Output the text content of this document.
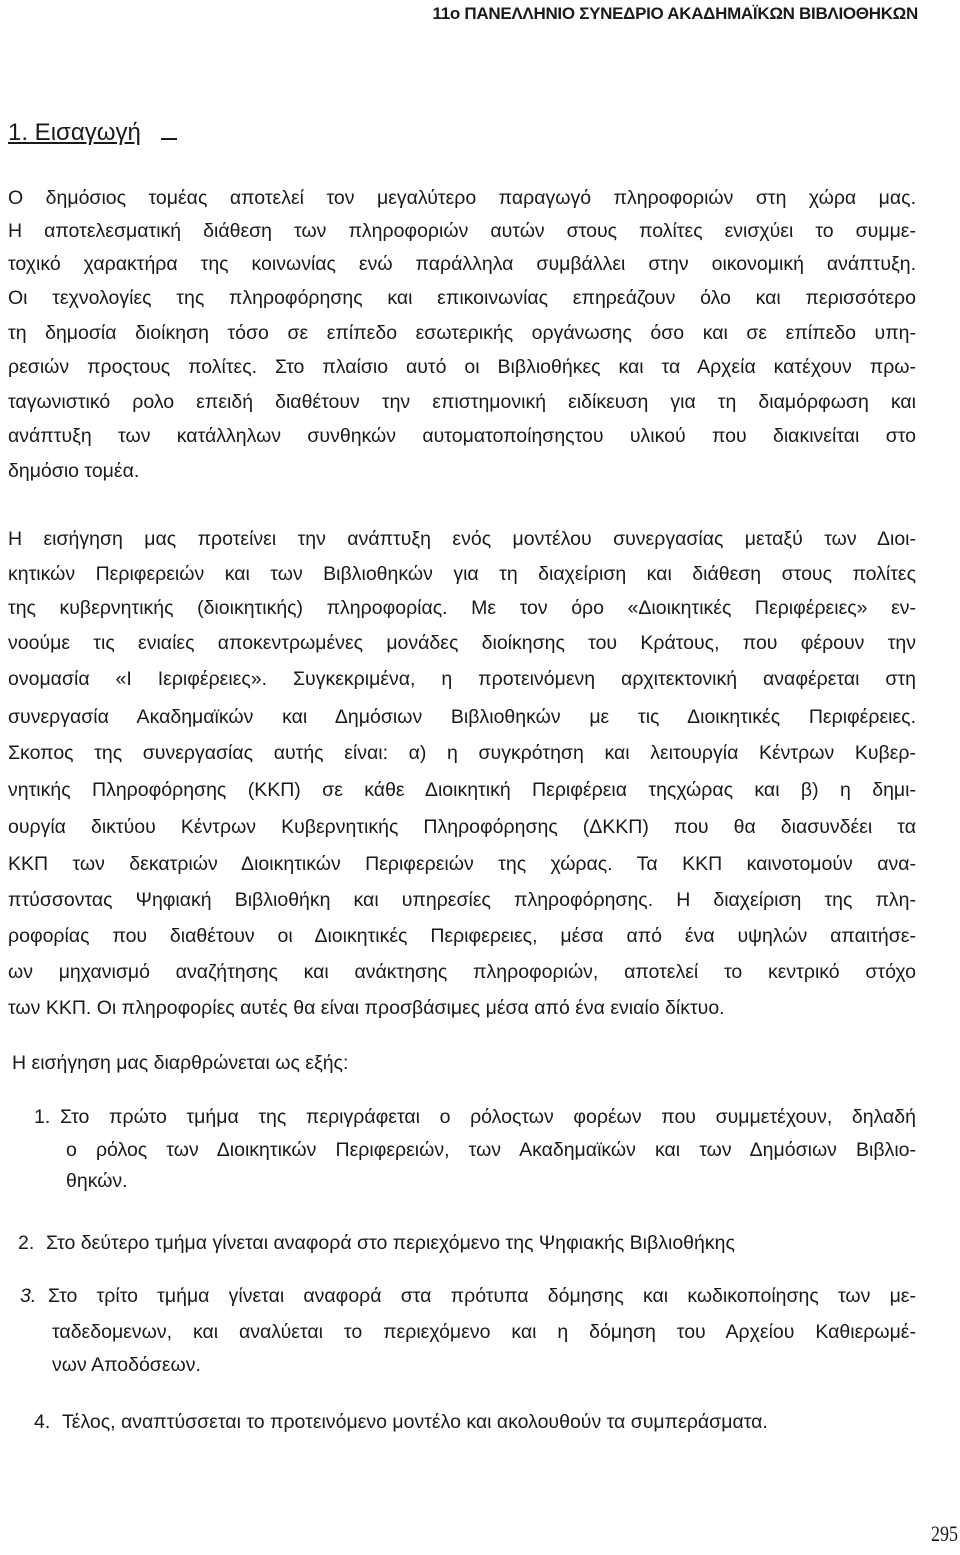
11ο ΠΑΝΕΛΛΗΝΙΟ ΣΥΝΕΔΡΙΟ ΑΚΑΔΗΜΑΪΚΩΝ ΒΙΒΛΙΟΘΗΚΩΝ
1. Εισαγωγή
Ο δημόσιος τομέας αποτελεί τον μεγαλύτερο παραγωγό πληροφοριών στη χώρα μας.
Η αποτελεσματική διάθεση των πληροφοριών αυτών στους πολίτες ενισχύει το συμμε-
τοχικό χαρακτήρα της κοινωνίας ενώ παράλληλα συμβάλλει στην οικονομική ανάπτυξη.
Οι τεχνολογίες της πληροφόρησης και επικοινωνίας επηρεάζουν όλο και περισσότερο
τη δημοσία διοίκηση τόσο σε επίπεδο εσωτερικής οργάνωσης όσο και σε επίπεδο υπη-
ρεσιών προςτους πολίτες. Στο πλαίσιο αυτό οι Βιβλιοθήκες και τα Αρχεία κατέχουν πρω-
ταγωνιστικό ρολο επειδή διαθέτουν την επιστημονική ειδίκευση για τη διαμόρφωση και
ανάπτυξη των κατάλληλων συνθηκών αυτοματοποίησηςτου υλικού που διακινείται στο
δημόσιο τομέα.
Η εισήγηση μας προτείνει την ανάπτυξη ενός μοντέλου συνεργασίας μεταξύ των Διοι-
κητικών Περιφερειών και των Βιβλιοθηκών για τη διαχείριση και διάθεση στους πολίτες
της κυβερνητικής (διοικητικής) πληροφορίας. Με τον όρο «Διοικητικές Περιφέρειες» εν-
νοούμε τις ενιαίες αποκεντρωμένες μονάδες διοίκησης του Κράτους, που φέρουν την
ονομασία «Ι Ιεριφέρειες». Συγκεκριμένα, η προτεινόμενη αρχιτεκτονική αναφέρεται στη
συνεργασία Ακαδημαϊκών και Δημόσιων Βιβλιοθηκών με τις Διοικητικές Περιφέρειες.
Σκοπος της συνεργασίας αυτής είναι: α) η συγκρότηση και λειτουργία Κέντρων Κυβερ-
νητικής Πληροφόρησης (ΚΚΠ) σε κάθε Διοικητική Περιφέρεια τηςχώρας και β) η δημι-
ουργία δικτύου Κέντρων Κυβερνητικής Πληροφόρησης (ΔΚΚΠ) που θα διασυνδέει τα
ΚΚΠ των δεκατριών Διοικητικών Περιφερειών της χώρας. Τα ΚΚΠ καινοτομούν ανα-
πτύσσοντας Ψηφιακή Βιβλιοθήκη και υπηρεσίες πληροφόρησης. Η διαχείριση της πλη-
ροφορίας που διαθέτουν οι Διοικητικές Περιφερειες, μέσα από ένα υψηλών απαιτήσε-
ων μηχανισμό αναζήτησης και ανάκτησης πληροφοριών, αποτελεί το κεντρικό στόχο
των ΚΚΠ. Οι πληροφορίες αυτές θα είναι προσβάσιμες μέσα από ένα ενιαίο δίκτυο.
Η εισήγηση μας διαρθρώνεται ως εξής:
1. Στο πρώτο τμήμα της περιγράφεται ο ρόλοςτων φορέων που συμμετέχουν, δηλαδή
ο ρόλος των Διοικητικών Περιφερειών, των Ακαδημαϊκών και των Δημόσιων Βιβλιο-
θηκών.
2. Στο δεύτερο τμήμα γίνεται αναφορά στο περιεχόμενο της Ψηφιακής Βιβλιοθήκης
3. Στο τρίτο τμήμα γίνεται αναφορά στα πρότυπα δόμησης και κωδικοποίησης των με-
ταδεδομενων, και αναλύεται το περιεχόμενο και η δόμηση του Αρχείου Καθιερωμέ-
νων Αποδόσεων.
4. Τέλος, αναπτύσσεται το προτεινόμενο μοντέλο και ακολουθούν τα συμπεράσματα.
295
